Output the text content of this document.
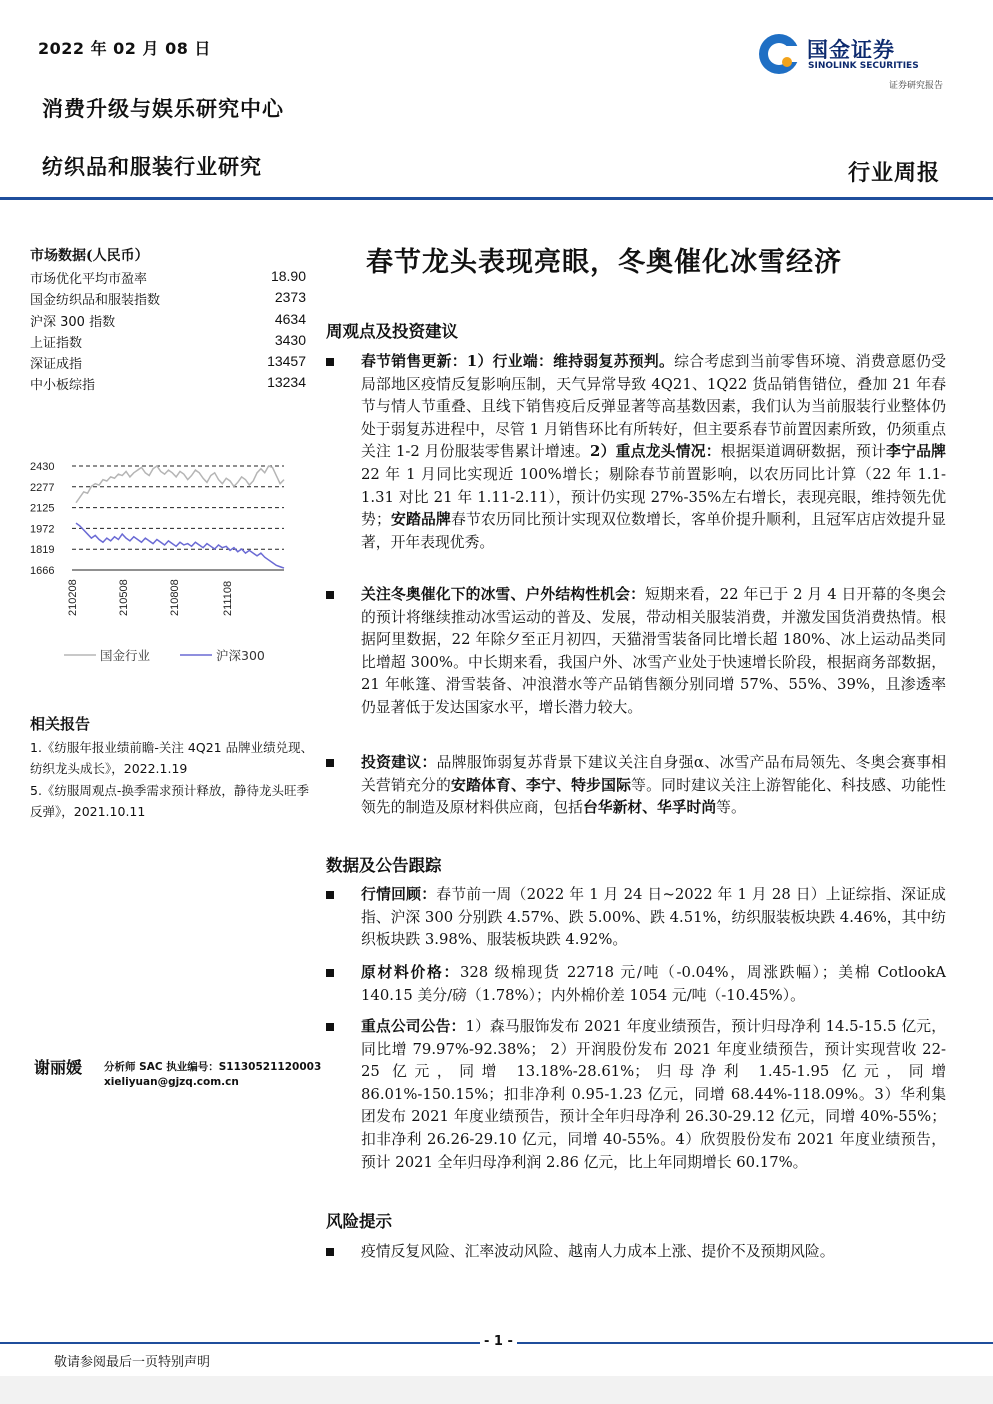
2022 年 02 月 08 日
消费升级与娱乐研究中心
纺织品和服装行业研究	行业周报
国金证券
SINOLINK SECURITIES
证券研究报告
春节龙头表现亮眼，冬奥催化冰雪经济
市场数据(人民币）
市场优化平均市盈率	18.90
国金纺织品和服装指数	2373
沪深 300 指数	4634
上证指数	3430
深证成指	13457
中小板综指	13234
2430
2277
2125
1972
1819
1666
210208	210508	210808	211108
国金行业	沪深300
相关报告
1.《纺服年报业绩前瞻-关注 4Q21 品牌业绩兑现、纺织龙头成长》，2022.1.19
5.《纺服周观点-换季需求预计释放，静待龙头旺季反弹》，2021.10.11
谢丽媛 分析师 SAC 执业编号：S1130521120003
xieliyuan@gjzq.com.cn
周观点及投资建议
春节销售更新：1）行业端：维持弱复苏预判。综合考虑到当前零售环境、消费意愿仍受局部地区疫情反复影响压制，天气异常导致 4Q21、1Q22 货品销售错位，叠加 21 年春节与情人节重叠、且线下销售疫后反弹显著等高基数因素，我们认为当前服装行业整体仍处于弱复苏进程中，尽管 1 月销售环比有所转好，但主要系春节前置因素所致，仍须重点关注 1-2 月份服装零售累计增速。2）重点龙头情况：根据渠道调研数据，预计李宁品牌 22 年 1 月同比实现近 100%增长；剔除春节前置影响，以农历同比计算（22 年 1.1-1.31 对比 21 年 1.11-2.11），预计仍实现 27%-35%左右增长，表现亮眼，维持领先优势；安踏品牌春节农历同比预计实现双位数增长，客单价提升顺利，且冠军店店效提升显著，开年表现优秀。
关注冬奥催化下的冰雪、户外结构性机会：短期来看，22 年已于 2 月 4 日开幕的冬奥会的预计将继续推动冰雪运动的普及、发展，带动相关服装消费，并激发国货消费热情。根据阿里数据，22 年除夕至正月初四，天猫滑雪装备同比增长超 180%、冰上运动品类同比增超 300%。中长期来看，我国户外、冰雪产业处于快速增长阶段，根据商务部数据，21 年帐篷、滑雪装备、冲浪潜水等产品销售额分别同增 57%、55%、39%，且渗透率仍显著低于发达国家水平，增长潜力较大。
投资建议：品牌服饰弱复苏背景下建议关注自身强α、冰雪产品布局领先、冬奥会赛事相关营销充分的安踏体育、李宁、特步国际等。同时建议关注上游智能化、科技感、功能性领先的制造及原材料供应商，包括台华新材、华孚时尚等。
数据及公告跟踪
行情回顾：春节前一周（2022 年 1 月 24 日~2022 年 1 月 28 日）上证综指、深证成指、沪深 300 分别跌 4.57%、跌 5.00%、跌 4.51%，纺织服装板块跌 4.46%，其中纺织板块跌 3.98%、服装板块跌 4.92%。
原材料价格：328 级棉现货 22718 元/吨（-0.04%，周涨跌幅）；美棉 CotlookA 140.15 美分/磅（1.78%）；内外棉价差 1054 元/吨（-10.45%）。
重点公司公告：1）森马服饰发布 2021 年度业绩预告，预计归母净利 14.5-15.5 亿元，同比增 79.97%-92.38%； 2）开润股份发布 2021 年度业绩预告，预计实现营收 22-25 亿元，同增 13.18%-28.61%；归母净利 1.45-1.95 亿元，同增 86.01%-150.15%；扣非净利 0.95-1.23 亿元，同增 68.44%-118.09%。3）华利集团发布 2021 年度业绩预告，预计全年归母净利 26.30-29.12 亿元，同增 40%-55%；扣非净利 26.26-29.10 亿元，同增 40-55%。4）欣贺股份发布 2021 年度业绩预告，预计 2021 全年归母净利润 2.86 亿元，比上年同期增长 60.17%。
风险提示
疫情反复风险、汇率波动风险、越南人力成本上涨、提价不及预期风险。
- 1 -
敬请参阅最后一页特别声明
